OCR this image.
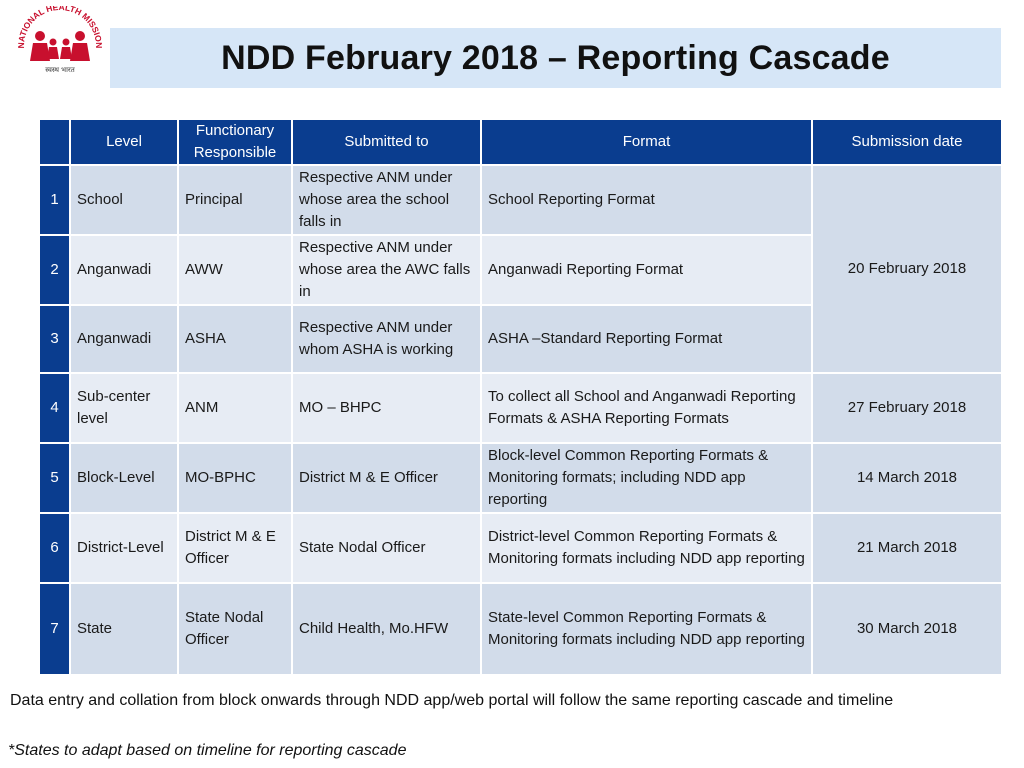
NATIONAL HEALTH MISSION
स्वस्थ भारत	NDD February 2018 – Reporting Cascade
	Level	Functionary Responsible	Submitted to	Format	Submission date
1	School	Principal	Respective ANM under whose area the school falls in	School Reporting Format	20 February 2018
2	Anganwadi	AWW	Respective ANM under whose area the AWC falls in	Anganwadi Reporting Format	
3	Anganwadi	ASHA	Respective ANM under whom ASHA is working	ASHA –Standard Reporting Format	
4	Sub-center level	ANM	MO – BHPC	To collect all School and Anganwadi Reporting Formats & ASHA Reporting Formats	27 February 2018
5	Block-Level	MO-BPHC	District M & E Officer	Block-level Common Reporting Formats & Monitoring formats; including NDD app reporting	14 March 2018
6	District-Level	District M & E Officer	State Nodal Officer	District-level Common Reporting Formats & Monitoring formats including NDD app reporting	21 March 2018
7	State	State Nodal Officer	Child Health, Mo.HFW	State-level Common Reporting Formats & Monitoring formats including NDD app reporting	30 March 2018
Data entry and collation from block onwards through NDD app/web portal will follow the same reporting cascade and timeline
*States to adapt based on timeline for reporting cascade
